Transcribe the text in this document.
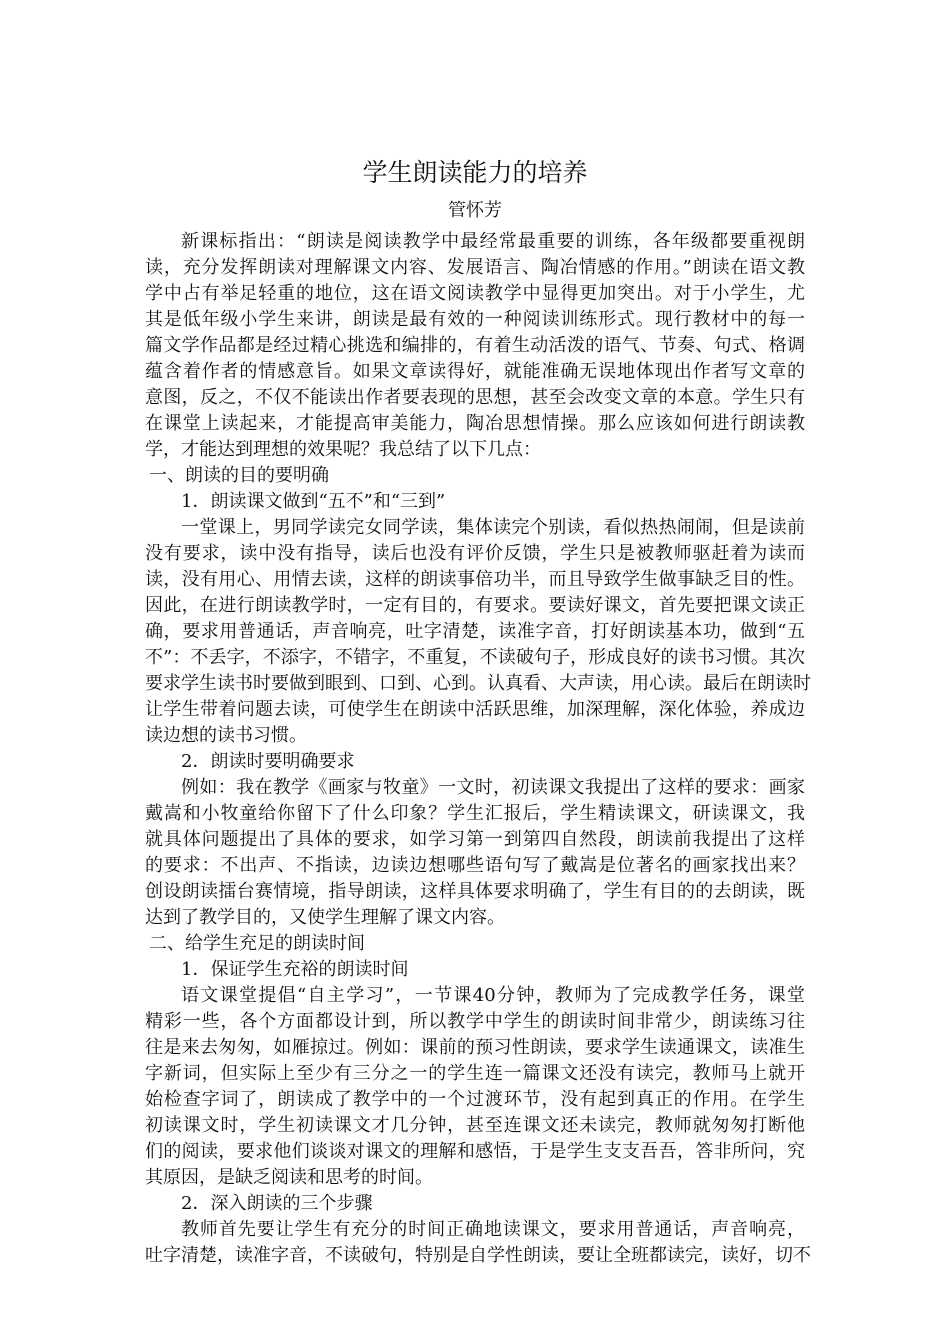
学生朗读能力的培养
管怀芳
新课标指出：“朗读是阅读教学中最经常最重要的训练，各年级都要重视朗
读，充分发挥朗读对理解课文内容、发展语言、陶冶情感的作用。”朗读在语文教
学中占有举足轻重的地位，这在语文阅读教学中显得更加突出。对于小学生，尤
其是低年级小学生来讲，朗读是最有效的一种阅读训练形式。现行教材中的每一
篇文学作品都是经过精心挑选和编排的，有着生动活泼的语气、节奏、句式、格调
蕴含着作者的情感意旨。如果文章读得好，就能准确无误地体现出作者写文章的
意图，反之，不仅不能读出作者要表现的思想，甚至会改变文章的本意。学生只有
在课堂上读起来，才能提高审美能力，陶冶思想情操。那么应该如何进行朗读教
学，才能达到理想的效果呢？我总结了以下几点：
一、朗读的目的要明确
1．朗读课文做到“五不”和“三到”
一堂课上，男同学读完女同学读，集体读完个别读，看似热热闹闹，但是读前
没有要求，读中没有指导，读后也没有评价反馈，学生只是被教师驱赶着为读而
读，没有用心、用情去读，这样的朗读事倍功半，而且导致学生做事缺乏目的性。
因此，在进行朗读教学时，一定有目的，有要求。要读好课文，首先要把课文读正
确，要求用普通话，声音响亮，吐字清楚，读准字音，打好朗读基本功，做到“五
不”：不丢字，不添字，不错字，不重复，不读破句子，形成良好的读书习惯。其次
要求学生读书时要做到眼到、口到、心到。认真看、大声读，用心读。最后在朗读时
让学生带着问题去读，可使学生在朗读中活跃思维，加深理解，深化体验，养成边
读边想的读书习惯。
2．朗读时要明确要求
例如：我在教学《画家与牧童》一文时，初读课文我提出了这样的要求：画家
戴嵩和小牧童给你留下了什么印象？学生汇报后，学生精读课文，研读课文，我
就具体问题提出了具体的要求，如学习第一到第四自然段，朗读前我提出了这样
的要求：不出声、不指读，边读边想哪些语句写了戴嵩是位著名的画家找出来？
创设朗读擂台赛情境，指导朗读，这样具体要求明确了，学生有目的的去朗读，既
达到了教学目的，又使学生理解了课文内容。
二、给学生充足的朗读时间
1．保证学生充裕的朗读时间
语文课堂提倡“自主学习”，一节课40分钟，教师为了完成教学任务，课堂
精彩一些，各个方面都设计到，所以教学中学生的朗读时间非常少，朗读练习往
往是来去匆匆，如雁掠过。例如：课前的预习性朗读，要求学生读通课文，读准生
字新词，但实际上至少有三分之一的学生连一篇课文还没有读完，教师马上就开
始检查字词了，朗读成了教学中的一个过渡环节，没有起到真正的作用。在学生
初读课文时，学生初读课文才几分钟，甚至连课文还未读完，教师就匆匆打断他
们的阅读，要求他们谈谈对课文的理解和感悟，于是学生支支吾吾，答非所问，究
其原因，是缺乏阅读和思考的时间。
2．深入朗读的三个步骤
教师首先要让学生有充分的时间正确地读课文，要求用普通话，声音响亮，
吐字清楚，读准字音，不读破句，特别是自学性朗读，要让全班都读完，读好，切不
